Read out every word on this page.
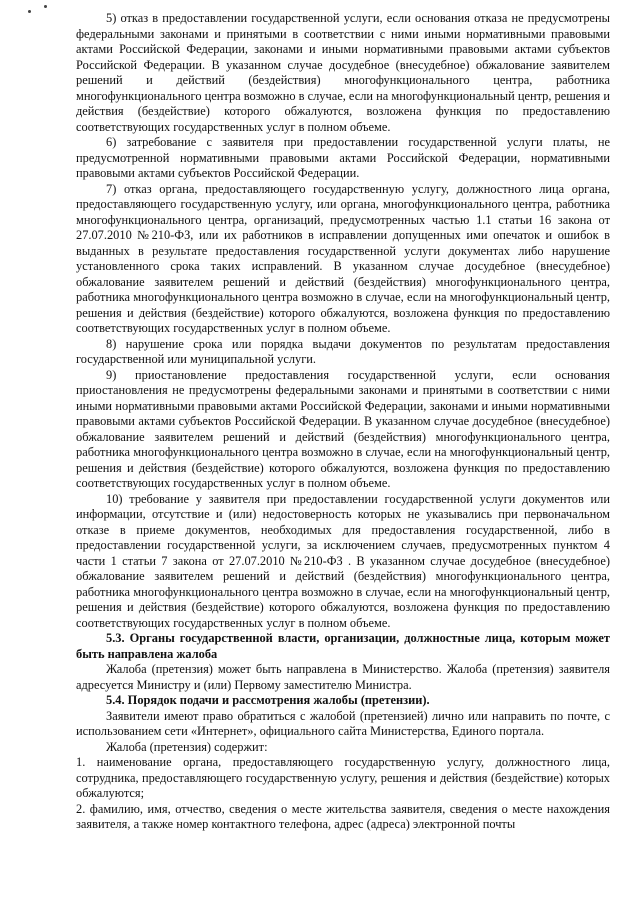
5) отказ в предоставлении государственной услуги, если основания отказа не предусмотрены федеральными законами и принятыми в соответствии с ними иными нормативными правовыми актами Российской Федерации, законами и иными нормативными правовыми актами субъектов Российской Федерации. В указанном случае досудебное (внесудебное) обжалование заявителем решений и действий (бездействия) многофункционального центра, работника многофункционального центра возможно в случае, если на многофункциональный центр, решения и действия (бездействие) которого обжалуются, возложена функция по предоставлению соответствующих государственных услуг в полном объеме.

6) затребование с заявителя при предоставлении государственной услуги платы, не предусмотренной нормативными правовыми актами Российской Федерации, нормативными правовыми актами субъектов Российской Федерации.

7) отказ органа, предоставляющего государственную услугу, должностного лица органа, предоставляющего государственную услугу, или органа, многофункционального центра, работника многофункционального центра, организаций, предусмотренных частью 1.1 статьи 16 закона от 27.07.2010 №210-ФЗ, или их работников в исправлении допущенных ими опечаток и ошибок в выданных в результате предоставления государственной услуги документах либо нарушение установленного срока таких исправлений. В указанном случае досудебное (внесудебное) обжалование заявителем решений и действий (бездействия) многофункционального центра, работника многофункционального центра возможно в случае, если на многофункциональный центр, решения и действия (бездействие) которого обжалуются, возложена функция по предоставлению соответствующих государственных услуг в полном объеме.

8) нарушение срока или порядка выдачи документов по результатам предоставления государственной или муниципальной услуги.

9) приостановление предоставления государственной услуги, если основания приостановления не предусмотрены федеральными законами и принятыми в соответствии с ними иными нормативными правовыми актами Российской Федерации, законами и иными нормативными правовыми актами субъектов Российской Федерации. В указанном случае досудебное (внесудебное) обжалование заявителем решений и действий (бездействия) многофункционального центра, работника многофункционального центра возможно в случае, если на многофункциональный центр, решения и действия (бездействие) которого обжалуются, возложена функция по предоставлению соответствующих государственных услуг в полном объеме.

10) требование у заявителя при предоставлении государственной услуги документов или информации, отсутствие и (или) недостоверность которых не указывались при первоначальном отказе в приеме документов, необходимых для предоставления государственной, либо в предоставлении государственной услуги, за исключением случаев, предусмотренных пунктом 4 части 1 статьи 7 закона от 27.07.2010 №210-ФЗ . В указанном случае досудебное (внесудебное) обжалование заявителем решений и действий (бездействия) многофункционального центра, работника многофункционального центра возможно в случае, если на многофункциональный центр, решения и действия (бездействие) которого обжалуются, возложена функция по предоставлению соответствующих государственных услуг в полном объеме.

5.3. Органы государственной власти, организации, должностные лица, которым может быть направлена жалоба

Жалоба (претензия) может быть направлена в Министерство. Жалоба (претензия) заявителя адресуется Министру и (или) Первому заместителю Министра.

5.4. Порядок подачи и рассмотрения жалобы (претензии).

Заявители имеют право обратиться с жалобой (претензией) лично или направить по почте, с использованием сети «Интернет», официального сайта Министерства, Единого портала.

Жалоба (претензия) содержит:

1. наименование органа, предоставляющего государственную услугу, должностного лица, сотрудника, предоставляющего государственную услугу, решения и действия (бездействие) которых обжалуются;

2. фамилию, имя, отчество, сведения о месте жительства заявителя, сведения о месте нахождения заявителя, а также номер контактного телефона, адрес (адреса) электронной почты
